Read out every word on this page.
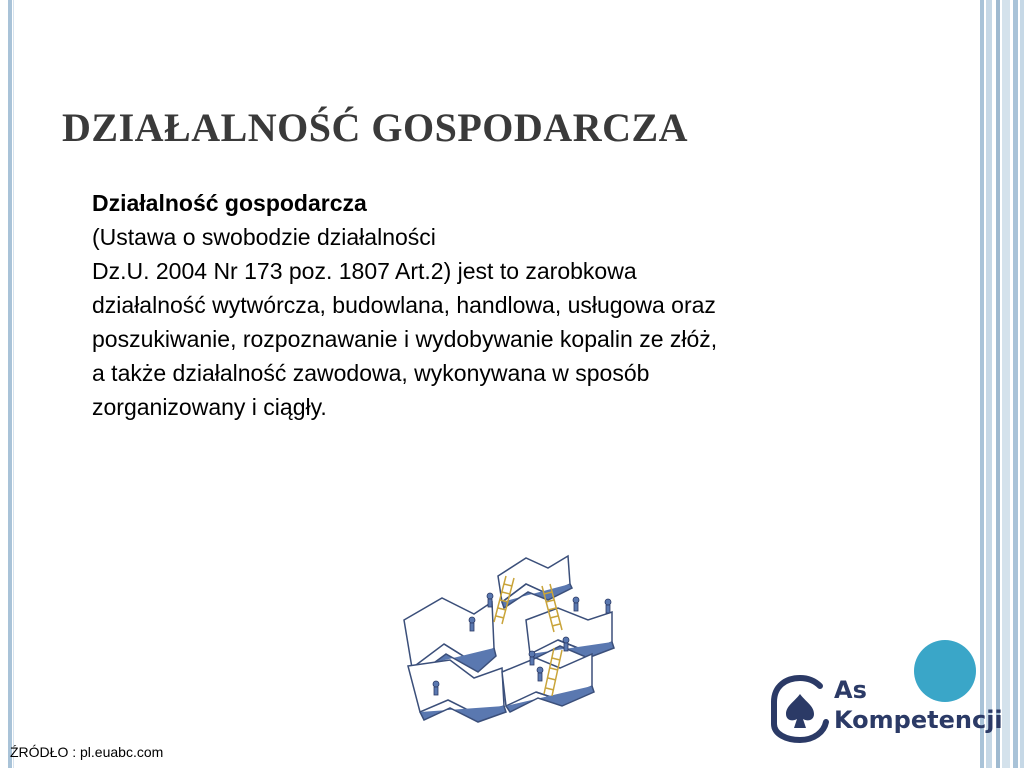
DZIAŁALNOŚĆ GOSPODARCZA
Działalność gospodarcza
(Ustawa o swobodzie działalności
Dz.U. 2004 Nr 173 poz. 1807 Art.2) jest to zarobkowa
działalność wytwórcza, budowlana, handlowa, usługowa oraz
poszukiwanie, rozpoznawanie i wydobywanie kopalin ze złóż,
a także działalność zawodowa, wykonywana w sposób
zorganizowany i ciągły.
ŹRÓDŁO : pl.euabc.com
As
Kompetencji
